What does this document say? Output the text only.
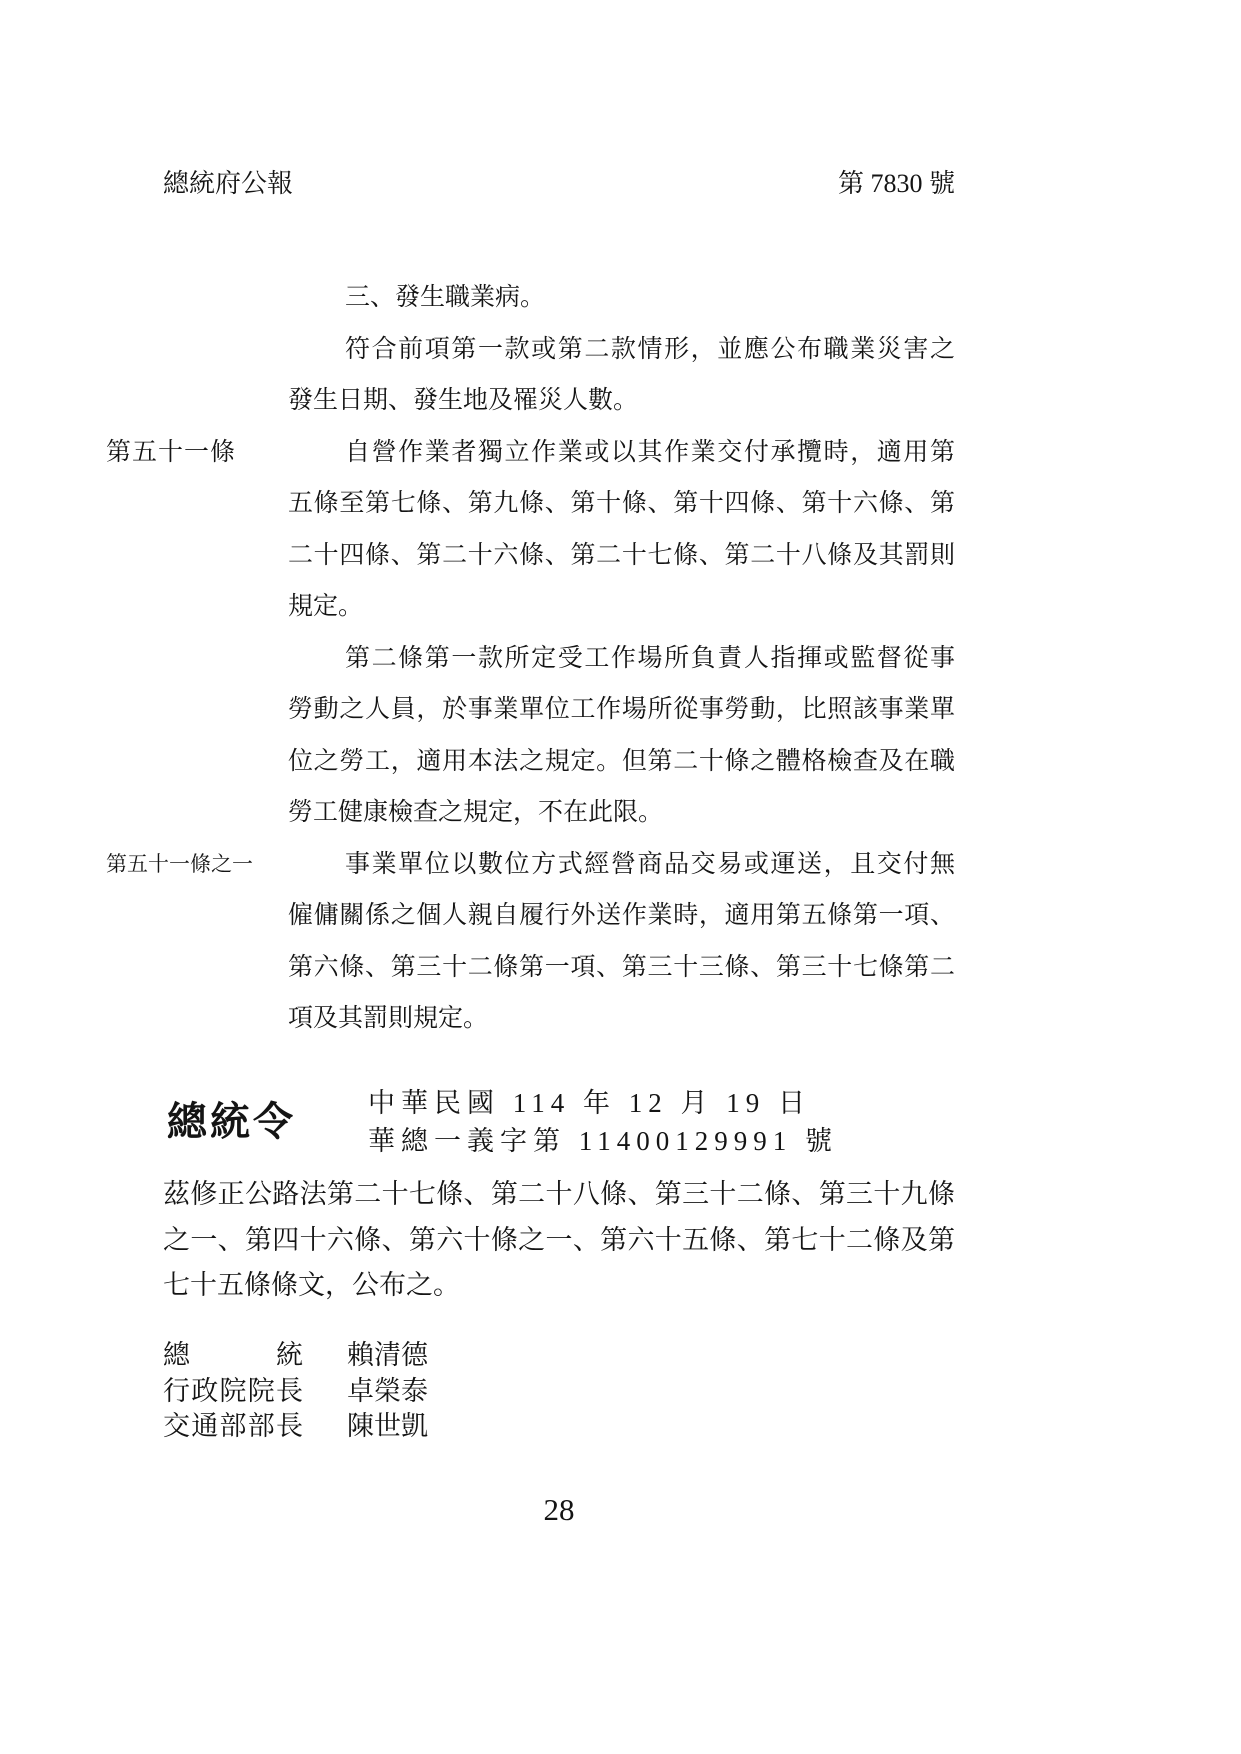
總統府公報	第 7830 號
三、發生職業病。
符合前項第一款或第二款情形，並應公布職業災害之
發生日期、發生地及罹災人數。
第五十一條	自營作業者獨立作業或以其作業交付承攬時，適用第
五條至第七條、第九條、第十條、第十四條、第十六條、第
二十四條、第二十六條、第二十七條、第二十八條及其罰則
規定。
第二條第一款所定受工作場所負責人指揮或監督從事
勞動之人員，於事業單位工作場所從事勞動，比照該事業單
位之勞工，適用本法之規定。但第二十條之體格檢查及在職
勞工健康檢查之規定，不在此限。
第五十一條之一	事業單位以數位方式經營商品交易或運送，且交付無
僱傭關係之個人親自履行外送作業時，適用第五條第一項、
第六條、第三十二條第一項、第三十三條、第三十七條第二
項及其罰則規定。
總統令	中華民國 114 年 12 月 19 日
華總一義字第 11400129991 號
茲修正公路法第二十七條、第二十八條、第三十二條、第三十九條
之一、第四十六條、第六十條之一、第六十五條、第七十二條及第
七十五條條文，公布之。
總統 賴清德
行政院院長 卓榮泰
交通部部長 陳世凱
28
